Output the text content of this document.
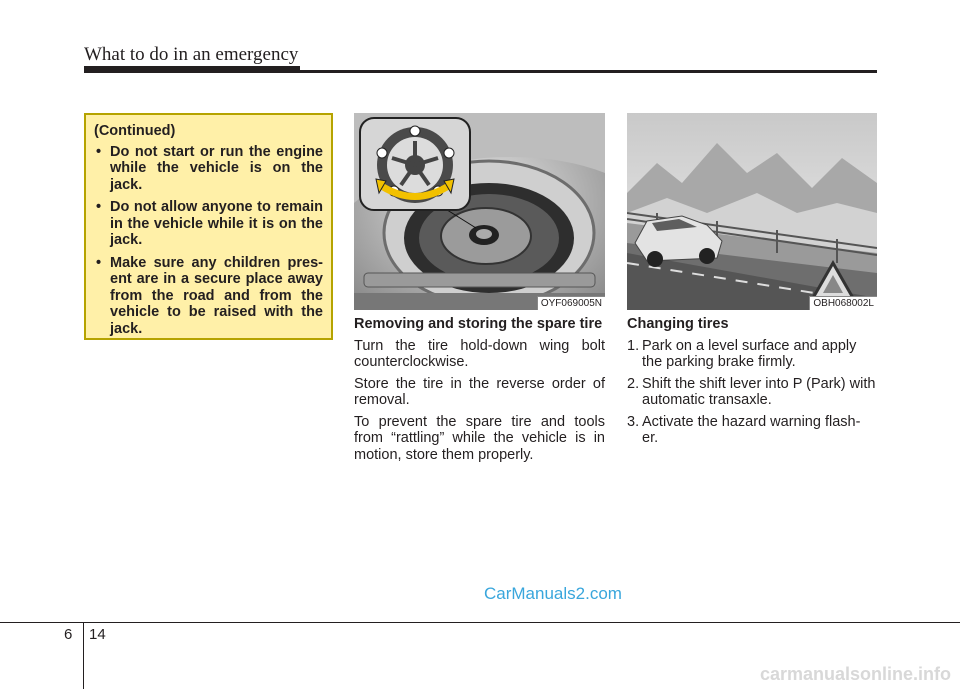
What to do in an emergency
(Continued)
• Do not start or run the engine while the vehicle is on the jack.
• Do not allow anyone to remain in the vehicle while it is on the jack.
• Make sure any children pres- ent are in a secure place away from the road and from the vehicle to be raised with the jack.
OYF069005N	OBH068002L
Removing and storing the spare tire

Turn the tire hold-down wing bolt counterclockwise.

Store the tire in the reverse order of removal.

To prevent the spare tire and tools from “rattling” while the vehicle is in motion, store them properly.

Changing tires
1. Park on a level surface and apply the parking brake firmly.
2. Shift the shift lever into P (Park) with automatic transaxle.
3. Activate the hazard warning flash- er.
CarManuals2.com
6 14
carmanualsonline.info
